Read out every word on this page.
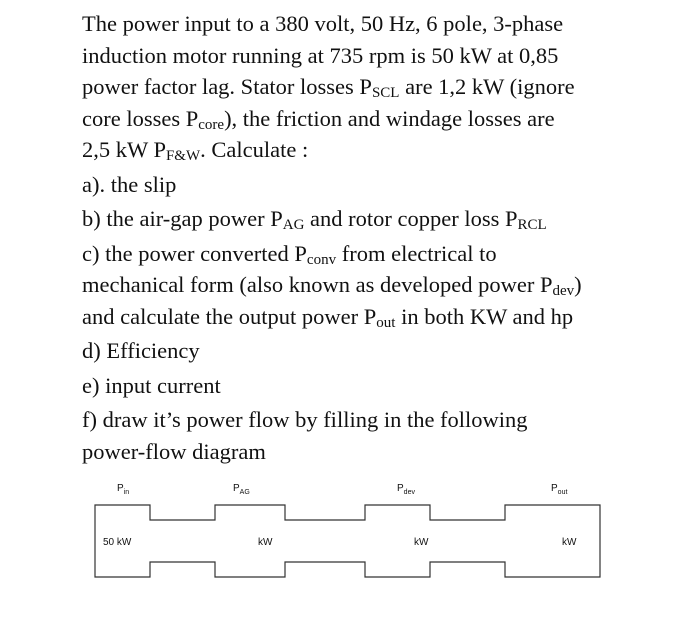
The power input to a 380 volt, 50 Hz, 6 pole, 3-phase
induction motor running at 735 rpm is 50 kW at 0,85
power factor lag. Stator losses $P_{SCL}$ are 1,2 kW (ignore
core losses $P_{core}$), the friction and windage losses are
2,5 kW $P_{F\&W}$. Calculate :
a). the slip
b) the air-gap power $P_{AG}$ and rotor copper loss $P_{RCL}$
c) the power converted $P_{conv}$ from electrical to
mechanical form (also known as developed power $P_{dev}$)
and calculate the output power $P_{out}$ in both KW and hp
d) Efficiency
e) input current
f) draw it’s power flow by filling in the following
power-flow diagram
$P_{in}$	$P_{AG}$	$P_{dev}$	$P_{out}$
50 kW	kW	kW	kW
